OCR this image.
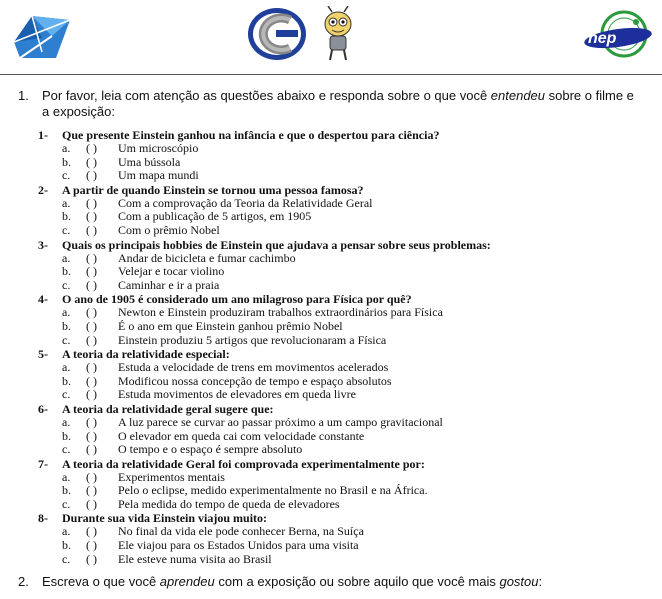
nep
1. Por favor, leia com atenção as questões abaixo e responda sobre o que você entendeu sobre o filme e a exposição:
1- Que presente Einstein ganhou na infância e que o despertou para ciência?
a. ( ) Um microscópio
b. ( ) Uma bússola
c. ( ) Um mapa mundi
2- A partir de quando Einstein se tornou uma pessoa famosa?
a. ( ) Com a comprovação da Teoria da Relatividade Geral
b. ( ) Com a publicação de 5 artigos, em 1905
c. ( ) Com o prêmio Nobel
3- Quais os principais hobbies de Einstein que ajudava a pensar sobre seus problemas:
a. ( ) Andar de bicicleta e fumar cachimbo
b. ( ) Velejar e tocar violino
c. ( ) Caminhar e ir a praia
4- O ano de 1905 é considerado um ano milagroso para Física por quê?
a. ( ) Newton e Einstein produziram trabalhos extraordinários para Física
b. ( ) É o ano em que Einstein ganhou prêmio Nobel
c. ( ) Einstein produziu 5 artigos que revolucionaram a Física
5- A teoria da relatividade especial:
a. ( ) Estuda a velocidade de trens em movimentos acelerados
b. ( ) Modificou nossa concepção de tempo e espaço absolutos
c. ( ) Estuda movimentos de elevadores em queda livre
6- A teoria da relatividade geral sugere que:
a. ( ) A luz parece se curvar ao passar próximo a um campo gravitacional
b. ( ) O elevador em queda cai com velocidade constante
c. ( ) O tempo e o espaço é sempre absoluto
7- A teoria da relatividade Geral foi comprovada experimentalmente por:
a. ( ) Experimentos mentais
b. ( ) Pelo o eclipse, medido experimentalmente no Brasil e na África.
c. ( ) Pela medida do tempo de queda de elevadores
8- Durante sua vida Einstein viajou muito:
a. ( ) No final da vida ele pode conhecer Berna, na Suíça
b. ( ) Ele viajou para os Estados Unidos para uma visita
c. ( ) Ele esteve numa visita ao Brasil
2. Escreva o que você aprendeu com a exposição ou sobre aquilo que você mais gostou:
